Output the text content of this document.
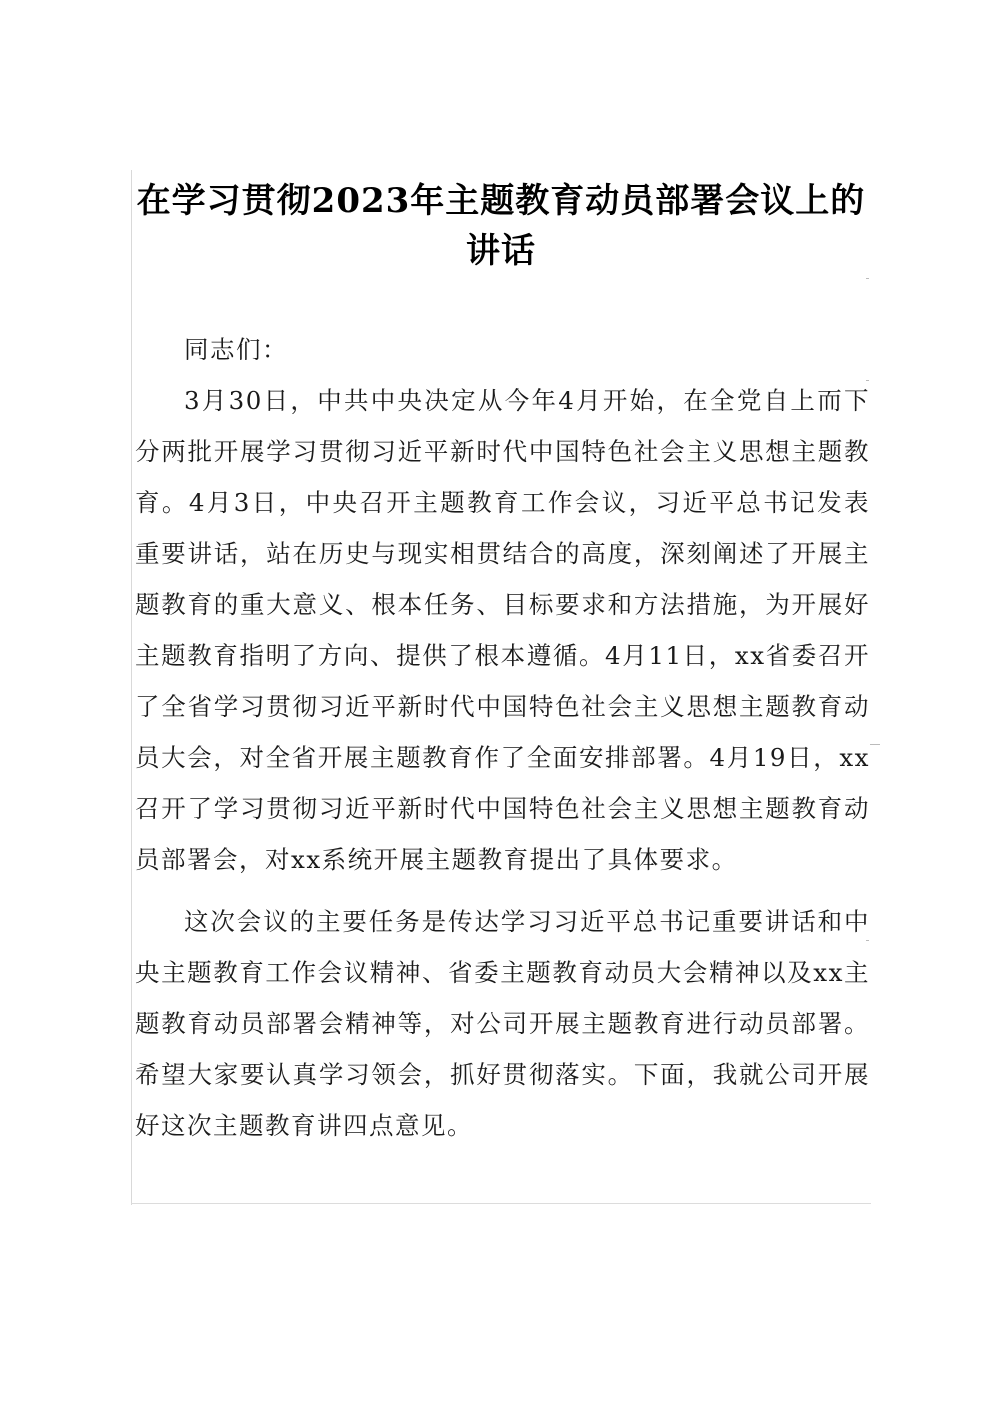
在学习贯彻2023年主题教育动员部署会议上的讲话

同志们：

3月30日，中共中央决定从今年4月开始，在全党自上而下分两批开展学习贯彻习近平新时代中国特色社会主义思想主题教育。4月3日，中央召开主题教育工作会议，习近平总书记发表重要讲话，站在历史与现实相贯结合的高度，深刻阐述了开展主题教育的重大意义、根本任务、目标要求和方法措施，为开展好主题教育指明了方向、提供了根本遵循。4月11日，xx省委召开了全省学习贯彻习近平新时代中国特色社会主义思想主题教育动员大会，对全省开展主题教育作了全面安排部署。4月19日，xx召开了学习贯彻习近平新时代中国特色社会主义思想主题教育动员部署会，对xx系统开展主题教育提出了具体要求。

这次会议的主要任务是传达学习习近平总书记重要讲话和中央主题教育工作会议精神、省委主题教育动员大会精神以及xx主题教育动员部署会精神等，对公司开展主题教育进行动员部署。希望大家要认真学习领会，抓好贯彻落实。下面，我就公司开展好这次主题教育讲四点意见。
